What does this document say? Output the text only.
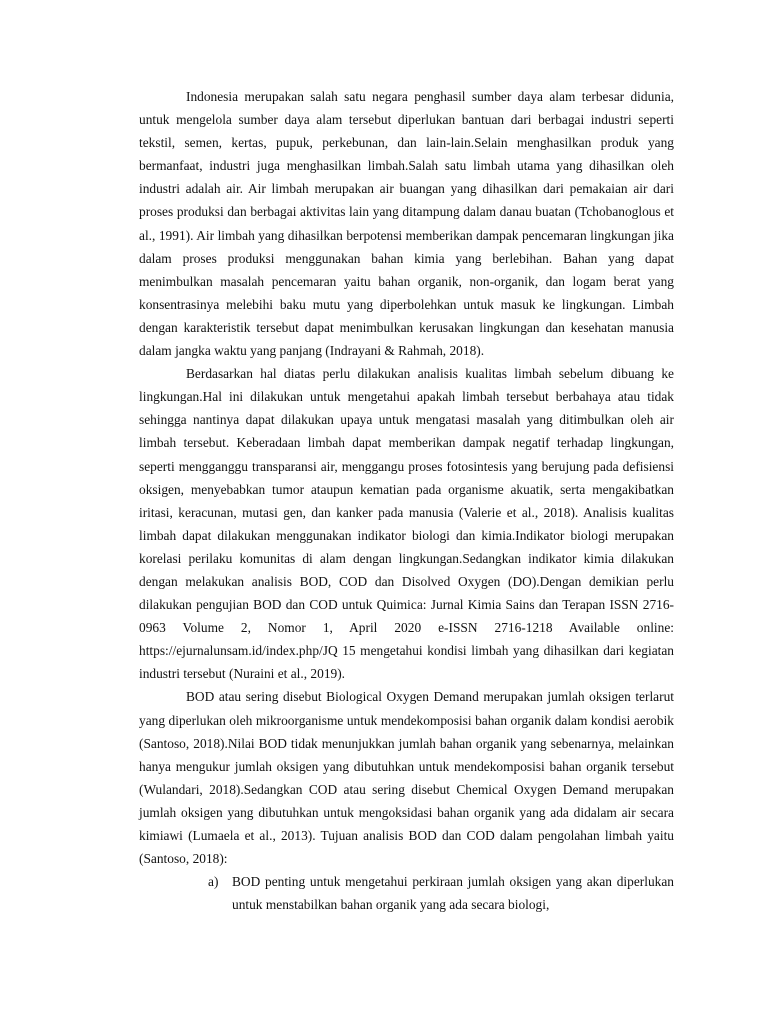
Indonesia merupakan salah satu negara penghasil sumber daya alam terbesar didunia, untuk mengelola sumber daya alam tersebut diperlukan bantuan dari berbagai industri seperti tekstil, semen, kertas, pupuk, perkebunan, dan lain-lain.Selain menghasilkan produk yang bermanfaat, industri juga menghasilkan limbah.Salah satu limbah utama yang dihasilkan oleh industri adalah air. Air limbah merupakan air buangan yang dihasilkan dari pemakaian air dari proses produksi dan berbagai aktivitas lain yang ditampung dalam danau buatan (Tchobanoglous et al., 1991). Air limbah yang dihasilkan berpotensi memberikan dampak pencemaran lingkungan jika dalam proses produksi menggunakan bahan kimia yang berlebihan. Bahan yang dapat menimbulkan masalah pencemaran yaitu bahan organik, non-organik, dan logam berat yang konsentrasinya melebihi baku mutu yang diperbolehkan untuk masuk ke lingkungan. Limbah dengan karakteristik tersebut dapat menimbulkan kerusakan lingkungan dan kesehatan manusia dalam jangka waktu yang panjang (Indrayani & Rahmah, 2018).

Berdasarkan hal diatas perlu dilakukan analisis kualitas limbah sebelum dibuang ke lingkungan.Hal ini dilakukan untuk mengetahui apakah limbah tersebut berbahaya atau tidak sehingga nantinya dapat dilakukan upaya untuk mengatasi masalah yang ditimbulkan oleh air limbah tersebut. Keberadaan limbah dapat memberikan dampak negatif terhadap lingkungan, seperti mengganggu transparansi air, menggangu proses fotosintesis yang berujung pada defisiensi oksigen, menyebabkan tumor ataupun kematian pada organisme akuatik, serta mengakibatkan iritasi, keracunan, mutasi gen, dan kanker pada manusia (Valerie et al., 2018). Analisis kualitas limbah dapat dilakukan menggunakan indikator biologi dan kimia.Indikator biologi merupakan korelasi perilaku komunitas di alam dengan lingkungan.Sedangkan indikator kimia dilakukan dengan melakukan analisis BOD, COD dan Disolved Oxygen (DO).Dengan demikian perlu dilakukan pengujian BOD dan COD untuk Quimica: Jurnal Kimia Sains dan Terapan ISSN 2716-0963 Volume 2, Nomor 1, April 2020 e-ISSN 2716-1218 Available online: https://ejurnalunsam.id/index.php/JQ 15 mengetahui kondisi limbah yang dihasilkan dari kegiatan industri tersebut (Nuraini et al., 2019).

BOD atau sering disebut Biological Oxygen Demand merupakan jumlah oksigen terlarut yang diperlukan oleh mikroorganisme untuk mendekomposisi bahan organik dalam kondisi aerobik (Santoso, 2018).Nilai BOD tidak menunjukkan jumlah bahan organik yang sebenarnya, melainkan hanya mengukur jumlah oksigen yang dibutuhkan untuk mendekomposisi bahan organik tersebut (Wulandari, 2018).Sedangkan COD atau sering disebut Chemical Oxygen Demand merupakan jumlah oksigen yang dibutuhkan untuk mengoksidasi bahan organik yang ada didalam air secara kimiawi (Lumaela et al., 2013). Tujuan analisis BOD dan COD dalam pengolahan limbah yaitu (Santoso, 2018):

a) BOD penting untuk mengetahui perkiraan jumlah oksigen yang akan diperlukan untuk menstabilkan bahan organik yang ada secara biologi,
